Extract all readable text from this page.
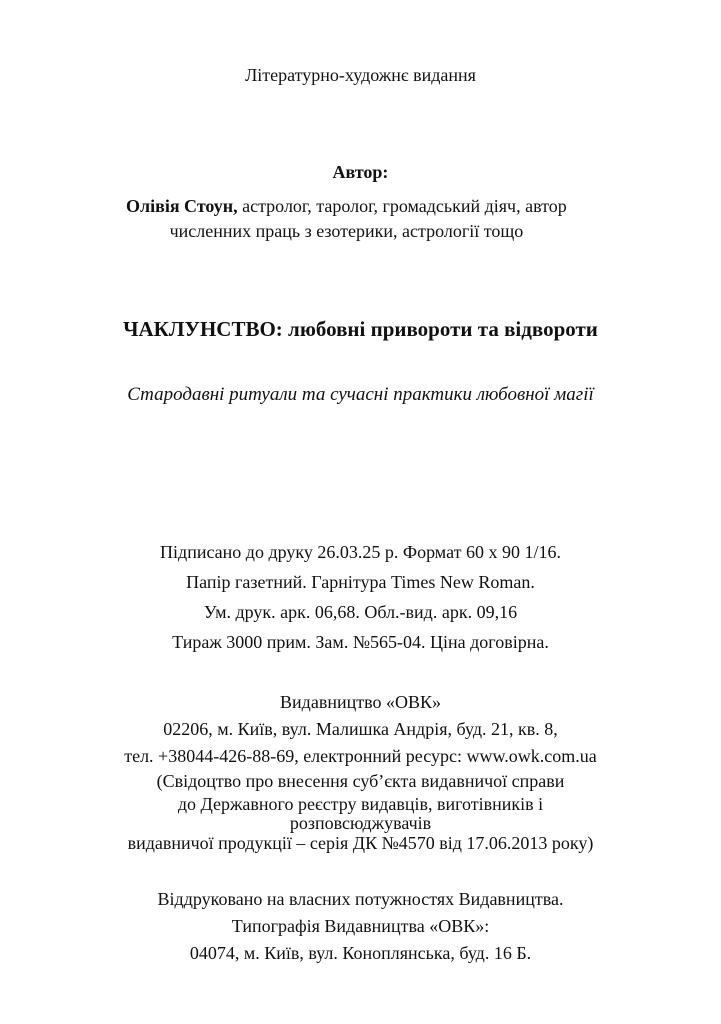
Літературно-художнє видання
Автор:
Олівія Стоун, астролог, таролог, громадський діяч, автор численних праць з езотерики, астрології тощо
ЧАКЛУНСТВО: любовні привороти та відвороти
Стародавні ритуали та сучасні практики любовної магії
Підписано до друку 26.03.25 р. Формат 60 х 90 1/16.
Папір газетний. Гарнітура Times New Roman.
Ум. друк. арк. 06,68. Обл.-вид. арк. 09,16
Тираж 3000 прим. Зам. №565-04. Ціна договірна.
Видавництво «ОВК»
02206, м. Київ, вул. Малишка Андрія, буд. 21, кв. 8,
тел. +38044-426-88-69, електронний ресурс: www.owk.com.ua
(Свідоцтво про внесення суб’єкта видавничої справи
до Державного реєстру видавців, виготівників і
розповсюджувачів
видавничої продукції – серія ДК №4570 від 17.06.2013 року)
Віддруковано на власних потужностях Видавництва.
Типографія Видавництва «ОВК»:
04074, м. Київ, вул. Коноплянська, буд. 16 Б.
